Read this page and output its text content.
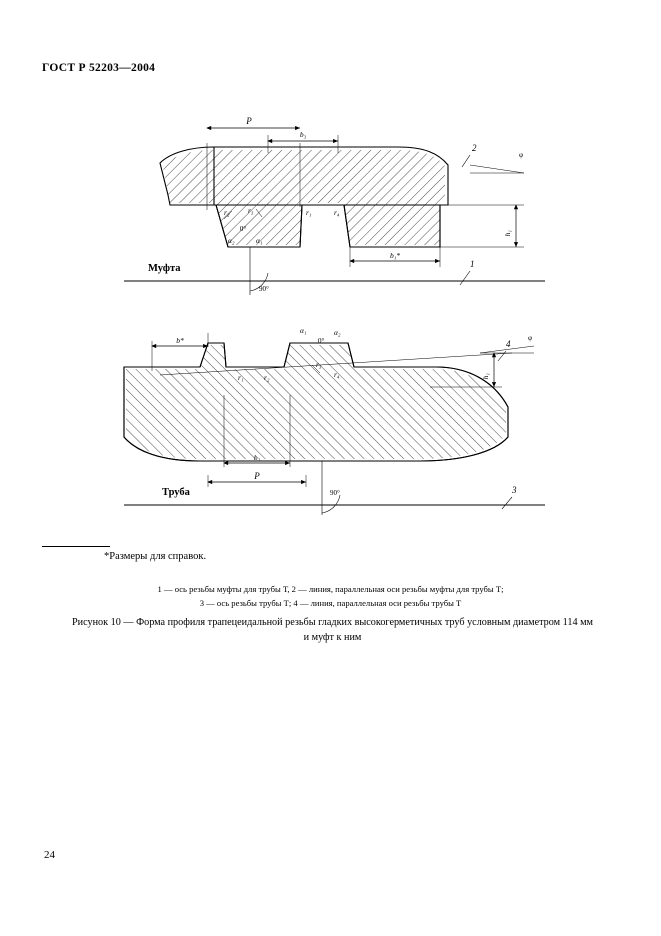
ГОСТ Р 52203—2004
P
b₃
b₁*
r₂ r₃	r₁	r₄
h₁
φ
α₂	α₁
0°
90°
Муфта
2
1
b*
b₂
P
r₁	r₂
r₃
r₄
α₁
0°
α₂
h₁
φ
90°
Труба
4
3
*Размеры для справок.
1 — ось резьбы муфты для трубы Т, 2 — линия, параллельная оси резьбы муфты для трубы Т;
3 — ось резьбы трубы Т; 4 — линия, параллельная оси резьбы трубы Т
Рисунок 10 — Форма профиля трапецеидальной резьбы гладких высокогерметичных труб условным диаметром 114 мм и муфт к ним
24
